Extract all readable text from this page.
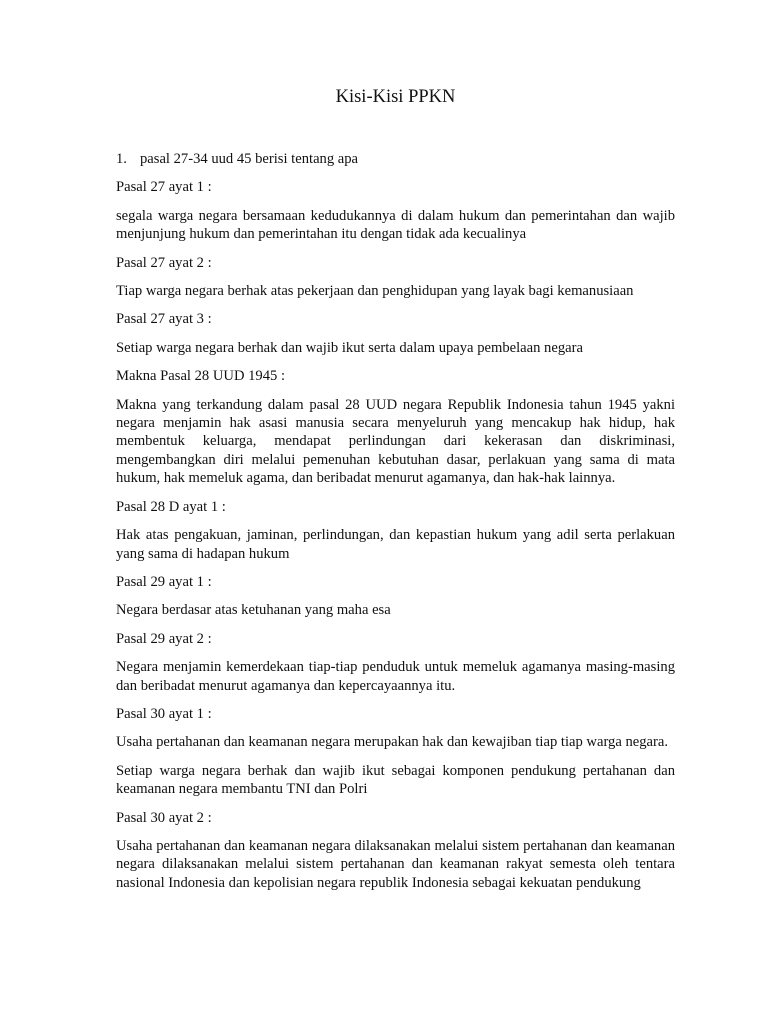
Kisi-Kisi PPKN
1. pasal 27-34 uud 45 berisi tentang apa

Pasal 27 ayat 1 :

segala warga negara bersamaan kedudukannya di dalam hukum dan pemerintahan dan wajib menjunjung hukum dan pemerintahan itu dengan tidak ada kecualinya

Pasal 27 ayat 2 :

Tiap warga negara berhak atas pekerjaan dan penghidupan yang layak bagi kemanusiaan

Pasal 27 ayat 3 :

Setiap warga negara berhak dan wajib ikut serta dalam upaya pembelaan negara

Makna Pasal 28 UUD 1945 :

Makna yang terkandung dalam pasal 28 UUD negara Republik Indonesia tahun 1945 yakni negara menjamin hak asasi manusia secara menyeluruh yang mencakup hak hidup, hak membentuk keluarga, mendapat perlindungan dari kekerasan dan diskriminasi, mengembangkan diri melalui pemenuhan kebutuhan dasar, perlakuan yang sama di mata hukum, hak memeluk agama, dan beribadat menurut agamanya, dan hak-hak lainnya.

Pasal 28 D ayat 1 :

Hak atas pengakuan, jaminan, perlindungan, dan kepastian hukum yang adil serta perlakuan yang sama di hadapan hukum

Pasal 29 ayat 1 :

Negara berdasar atas ketuhanan yang maha esa

Pasal 29 ayat 2 :

Negara menjamin kemerdekaan tiap-tiap penduduk untuk memeluk agamanya masing-masing dan beribadat menurut agamanya dan kepercayaannya itu.

Pasal 30 ayat 1 :

Usaha pertahanan dan keamanan negara merupakan hak dan kewajiban tiap tiap warga negara.

Setiap warga negara berhak dan wajib ikut sebagai komponen pendukung pertahanan dan keamanan negara membantu TNI dan Polri

Pasal 30 ayat 2 :

Usaha pertahanan dan keamanan negara dilaksanakan melalui sistem pertahanan dan keamanan negara dilaksanakan melalui sistem pertahanan dan keamanan rakyat semesta oleh tentara nasional Indonesia dan kepolisian negara republik Indonesia sebagai kekuatan pendukung
